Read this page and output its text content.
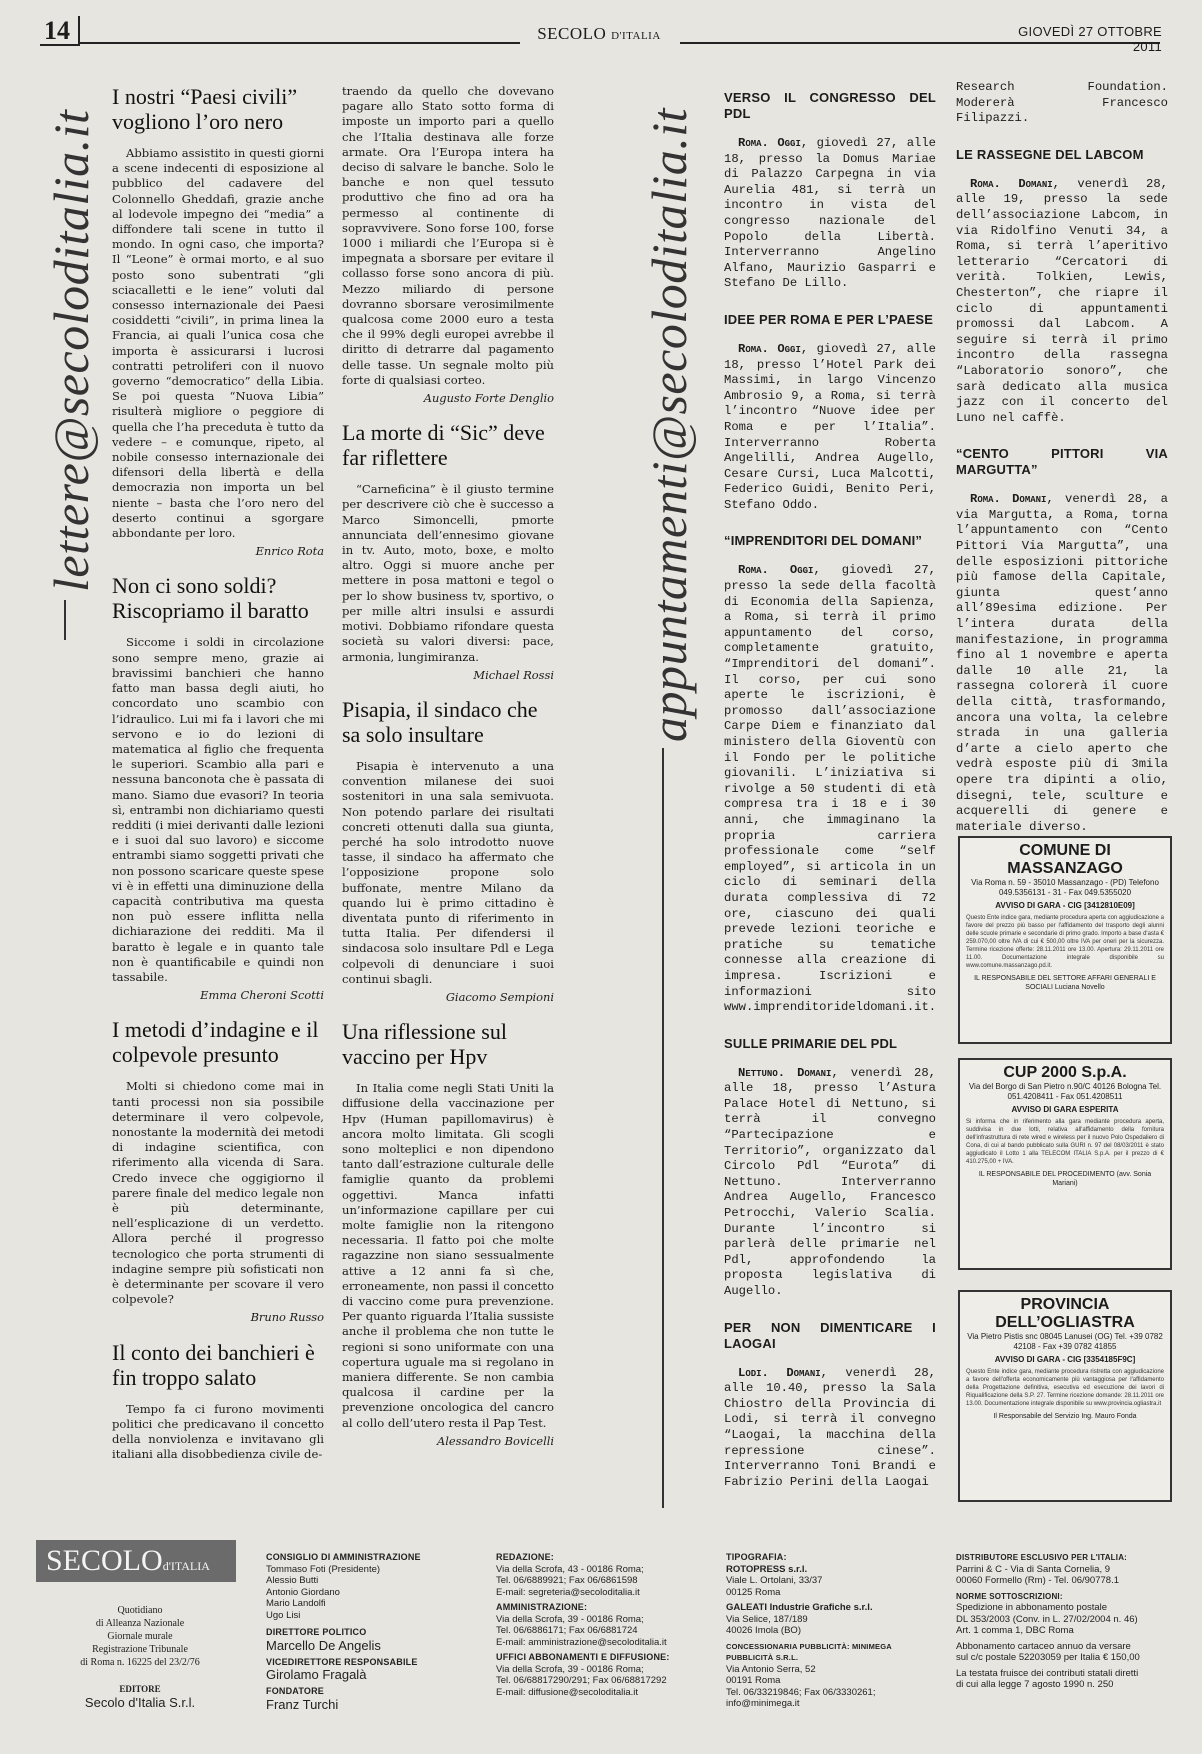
14	SECOLO D'ITALIA	GIOVEDÌ 27 OTTOBRE 2011
lettere@secoloditalia.it	appuntamenti@secoloditalia.it
I nostri “Paesi civili” vogliono l’oro nero

Abbiamo assistito in questi giorni a scene indecenti di esposizione al pubblico del cadavere del Colonnello Gheddafi, grazie anche al lodevole impegno dei “media” a diffondere tali scene in tutto il mondo. In ogni caso, che importa? Il “Leone” è ormai morto, e al suo posto sono subentrati “gli sciacalletti e le iene” voluti dal consesso internazionale dei Paesi cosiddetti “civili”, in prima linea la Francia, ai quali l’unica cosa che importa è assicurarsi i lucrosi contratti petroliferi con il nuovo governo “democratico” della Libia. Se poi questa “Nuova Libia” risulterà migliore o peggiore di quella che l’ha preceduta è tutto da vedere – e comunque, ripeto, al nobile consesso internazionale dei difensori della libertà e della democrazia non importa un bel niente – basta che l’oro nero del deserto continui a sgorgare abbondante per loro.

Enrico Rota
Non ci sono soldi? Riscopriamo il baratto

Siccome i soldi in circolazione sono sempre meno, grazie ai bravissimi banchieri che hanno fatto man bassa degli aiuti, ho concordato uno scambio con l’idraulico. Lui mi fa i lavori che mi servono e io do lezioni di matematica al figlio che frequenta le superiori. Scambio alla pari e nessuna banconota che è passata di mano. Siamo due evasori? In teoria sì, entrambi non dichiariamo questi redditi (i miei derivanti dalle lezioni e i suoi dal suo lavoro) e siccome entrambi siamo soggetti privati che non possono scaricare queste spese vi è in effetti una diminuzione della capacità contributiva ma questa non può essere inflitta nella dichiarazione dei redditi. Ma il baratto è legale e in quanto tale non è quantificabile e quindi non tassabile.

Emma Cheroni Scotti
I metodi d’indagine e il colpevole presunto

Molti si chiedono come mai in tanti processi non sia possibile determinare il vero colpevole, nonostante la modernità dei metodi di indagine scientifica, con riferimento alla vicenda di Sara. Credo invece che oggigiorno il parere finale del medico legale non è più determinante, nell’esplicazione di un verdetto. Allora perché il progresso tecnologico che porta strumenti di indagine sempre più sofisticati non è determinante per scovare il vero colpevole?

Bruno Russo
Il conto dei banchieri è fin troppo salato

Tempo fa ci furono movimenti politici che predicavano il concetto della nonviolenza e invitavano gli italiani alla disobbedienza civile de-

traendo da quello che dovevano pagare allo Stato sotto forma di imposte un importo pari a quello che l’Italia destinava alle forze armate. Ora l’Europa intera ha deciso di salvare le banche. Solo le banche e non quel tessuto produttivo che fino ad ora ha permesso al continente di sopravvivere. Sono forse 100, forse 1000 i miliardi che l’Europa si è impegnata a sborsare per evitare il collasso forse sono ancora di più. Mezzo miliardo di persone dovranno sborsare verosimilmente qualcosa come 2000 euro a testa che il 99% degli europei avrebbe il diritto di detrarre dal pagamento delle tasse. Un segnale molto più forte di qualsiasi corteo.

Augusto Forte Denglio
La morte di “Sic” deve far riflettere

“Carneficina” è il giusto termine per descrivere ciò che è successo a Marco Simoncelli, pmorte annunciata dell’ennesimo giovane in tv. Auto, moto, boxe, e molto altro. Oggi si muore anche per mettere in posa mattoni e tegol o per lo show business tv, sportivo, o per mille altri insulsi e assurdi motivi. Dobbiamo rifondare questa società su valori diversi: pace, armonia, lungimiranza.

Michael Rossi
Pisapia, il sindaco che sa solo insultare

Pisapia è intervenuto a una convention milanese dei suoi sostenitori in una sala semivuota. Non potendo parlare dei risultati concreti ottenuti dalla sua giunta, perché ha solo introdotto nuove tasse, il sindaco ha affermato che l’opposizione propone solo buffonate, mentre Milano da quando lui è primo cittadino è diventata punto di riferimento in tutta Italia. Per difendersi il sindacosa solo insultare Pdl e Lega colpevoli di denunciare i suoi continui sbagli.

Giacomo Sempioni
Una riflessione sul vaccino per Hpv

In Italia come negli Stati Uniti la diffusione della vaccinazione per Hpv (Human papillomavirus) è ancora molto limitata. Gli scogli sono molteplici e non dipendono tanto dall’estrazione culturale delle famiglie quanto da problemi oggettivi. Manca infatti un’informazione capillare per cui molte famiglie non la ritengono necessaria. Il fatto poi che molte ragazzine non siano sessualmente attive a 12 anni fa sì che, erroneamente, non passi il concetto di vaccino come pura prevenzione. Per quanto riguarda l’Italia sussiste anche il problema che non tutte le regioni si sono uniformate con una copertura uguale ma si regolano in maniera differente. Se non cambia qualcosa il cardine per la prevenzione oncologica del cancro al collo dell’utero resta il Pap Test.

Alessandro Bovicelli
VERSO IL CONGRESSO DEL PDL

Roma. Oggi, giovedì 27, alle 18, presso la Domus Mariae di Palazzo Carpegna in via Aurelia 481, si terrà un incontro in vista del congresso nazionale del Popolo della Libertà. Interverranno Angelino Alfano, Maurizio Gasparri e Stefano De Lillo.

IDEE PER ROMA E PER L’PAESE

Roma. Oggi, giovedì 27, alle 18, presso l’Hotel Park dei Massimi, in largo Vincenzo Ambrosio 9, a Roma, si terrà l’incontro “Nuove idee per Roma e per l’Italia”. Interverranno Roberta Angelilli, Andrea Augello, Cesare Cursi, Luca Malcotti, Federico Guidi, Benito Peri, Stefano Oddo.

“IMPRENDITORI DEL DOMANI”

Roma. Oggi, giovedì 27, presso la sede della facoltà di Economia della Sapienza, a Roma, si terrà il primo appuntamento del corso, completamente gratuito, “Imprenditori del domani”. Il corso, per cui sono aperte le iscrizioni, è promosso dall’associazione Carpe Diem e finanziato dal ministero della Gioventù con il Fondo per le politiche giovanili. L’iniziativa si rivolge a 50 studenti di età compresa tra i 18 e i 30 anni, che immaginano la propria carriera professionale come “self employed”, si articola in un ciclo di seminari della durata complessiva di 72 ore, ciascuno dei quali prevede lezioni teoriche e pratiche su tematiche connesse alla creazione di impresa. Iscrizioni e informazioni sito www.imprenditorideldomani.it.

SULLE PRIMARIE DEL PDL

Nettuno. Domani, venerdì 28, alle 18, presso l’Astura Palace Hotel di Nettuno, si terrà il convegno “Partecipazione e Territorio”, organizzato dal Circolo Pdl “Eurota” di Nettuno. Interverranno Andrea Augello, Francesco Petrocchi, Valerio Scalia. Durante l’incontro si parlerà delle primarie nel Pdl, approfondendo la proposta legislativa di Augello.

PER NON DIMENTICARE I LAOGAI

Lodi. Domani, venerdì 28, alle 10.40, presso la Sala Chiostro della Provincia di Lodi, si terrà il convegno “Laogai, la macchina della repressione cinese”. Interverranno Toni Brandi e Fabrizio Perini della Laogai

Research Foundation. Modererà Francesco Filipazzi.

LE RASSEGNE DEL LABCOM

Roma. Domani, venerdì 28, alle 19, presso la sede dell’associazione Labcom, in via Ridolfino Venuti 34, a Roma, si terrà l’aperitivo letterario “Cercatori di verità. Tolkien, Lewis, Chesterton”, che riapre il ciclo di appuntamenti promossi dal Labcom. A seguire si terrà il primo incontro della rassegna “Laboratorio sonoro”, che sarà dedicato alla musica jazz con il concerto del Luno nel caffè.

“CENTO PITTORI VIA MARGUTTA”

Roma. Domani, venerdì 28, a via Margutta, a Roma, torna l’appuntamento con “Cento Pittori Via Margutta”, una delle esposizioni pittoriche più famose della Capitale, giunta quest’anno all’89esima edizione. Per l’intera durata della manifestazione, in programma fino al 1 novembre e aperta dalle 10 alle 21, la rassegna colorerà il cuore della città, trasformando, ancora una volta, la celebre strada in una galleria d’arte a cielo aperto che vedrà esposte più di 3mila opere tra dipinti a olio, disegni, tele, sculture e acquerelli di genere e materiale diverso.

COMUNE DI MASSANZAGO
Via Roma n. 59 - 35010 Massanzago - (PD) Telefono 049.5356131 - 31 - Fax 049.5355020
AVVISO DI GARA - CIG [3412810E09]
Questo Ente indice gara, mediante procedura aperta con aggiudicazione a favore del prezzo più basso per l'affidamento del trasporto degli alunni delle scuole primarie e secondarie di primo grado. Importo a base d'asta € 259.070,00 oltre IVA di cui € 500,00 oltre IVA per oneri per la sicurezza. Termine ricezione offerte: 28.11.2011 ore 13.00. Apertura: 29.11.2011 ore 11.00. Documentazione integrale disponibile su www.comune.massanzago.pd.it.
IL RESPONSABILE DEL SETTORE AFFARI GENERALI E SOCIALI Luciana Novello
CUP 2000 S.p.A.
Via del Borgo di San Pietro n.90/C 40126 Bologna Tel. 051.4208411 - Fax 051.4208511
AVVISO DI GARA ESPERITA
Si informa che in riferimento alla gara mediante procedura aperta, suddivisa in due lotti, relativa all'affidamento della fornitura dell'infrastruttura di rete wired e wireless per il nuovo Polo Ospedaliero di Cona, di cui al bando pubblicato sulla GURI n. 97 del 08/03/2011 è stato aggiudicato il Lotto 1 alla TELECOM ITALIA S.p.A. per il prezzo di € 410.275,00 + IVA.
IL RESPONSABILE DEL PROCEDIMENTO (avv. Sonia Mariani)
PROVINCIA DELL’OGLIASTRA
Via Pietro Pistis snc 08045 Lanusei (OG) Tel. +39 0782 42108 - Fax +39 0782 41855
AVVISO DI GARA - CIG [3354185F9C]
Questo Ente indice gara, mediante procedura ristretta con aggiudicazione a favore dell'offerta economicamente più vantaggiosa per l'affidamento della Progettazione definitiva, esecutiva ed esecuzione dei lavori di Riqualificazione della S.P. 27. Termine ricezione domande: 28.11.2011 ore 13.00. Documentazione integrale disponibile su www.provincia.ogliastra.it
Il Responsabile del Servizio Ing. Mauro Fonda
SECOLOd'ITALIA
Quotidiano
di Alleanza Nazionale
Giornale murale
Registrazione Tribunale
di Roma n. 16225 del 23/2/76
EDITORE
Secolo d'Italia S.r.l.
CONSIGLIO DI AMMINISTRAZIONE
Tommaso Foti (Presidente)
Alessio Butti
Antonio Giordano
Mario Landolfi
Ugo Lisi
DIRETTORE POLITICO
Marcello De Angelis
VICEDIRETTORE RESPONSABILE
Girolamo Fragalà
FONDATORE
Franz Turchi
REDAZIONE:
Via della Scrofa, 43 - 00186 Roma;
Tel. 06/6889921; Fax 06/6861598
E-mail: segreteria@secoloditalia.it
AMMINISTRAZIONE:
Via della Scrofa, 39 - 00186 Roma;
Tel. 06/6886171; Fax 06/6881724
E-mail: amministrazione@secoloditalia.it
UFFICI ABBONAMENTI E DIFFUSIONE:
Via della Scrofa, 39 - 00186 Roma;
Tel. 06/68817290/291; Fax 06/68817292
E-mail: diffusione@secoloditalia.it
TIPOGRAFIA:
ROTOPRESS s.r.l.
Viale L. Ortolani, 33/37
00125 Roma
GALEATI Industrie Grafiche s.r.l.
Via Selice, 187/189
40026 Imola (BO)
CONCESSIONARIA PUBBLICITÀ: MINIMEGA PUBBLICITÀ S.R.L.
Via Antonio Serra, 52
00191 Roma
Tel. 06/33219846; Fax 06/3330261;
info@minimega.it
DISTRIBUTORE ESCLUSIVO PER L'ITALIA:
Parrini & C - Via di Santa Cornelia, 9
00060 Formello (Rm) - Tel. 06/90778.1
NORME SOTTOSCRIZIONI:
Spedizione in abbonamento postale
DL 353/2003 (Conv. in L. 27/02/2004 n. 46)
Art. 1 comma 1, DBC Roma
Abbonamento cartaceo annuo da versare
sul c/c postale 52203059 per Italia € 150,00
La testata fruisce dei contributi statali diretti
di cui alla legge 7 agosto 1990 n. 250
